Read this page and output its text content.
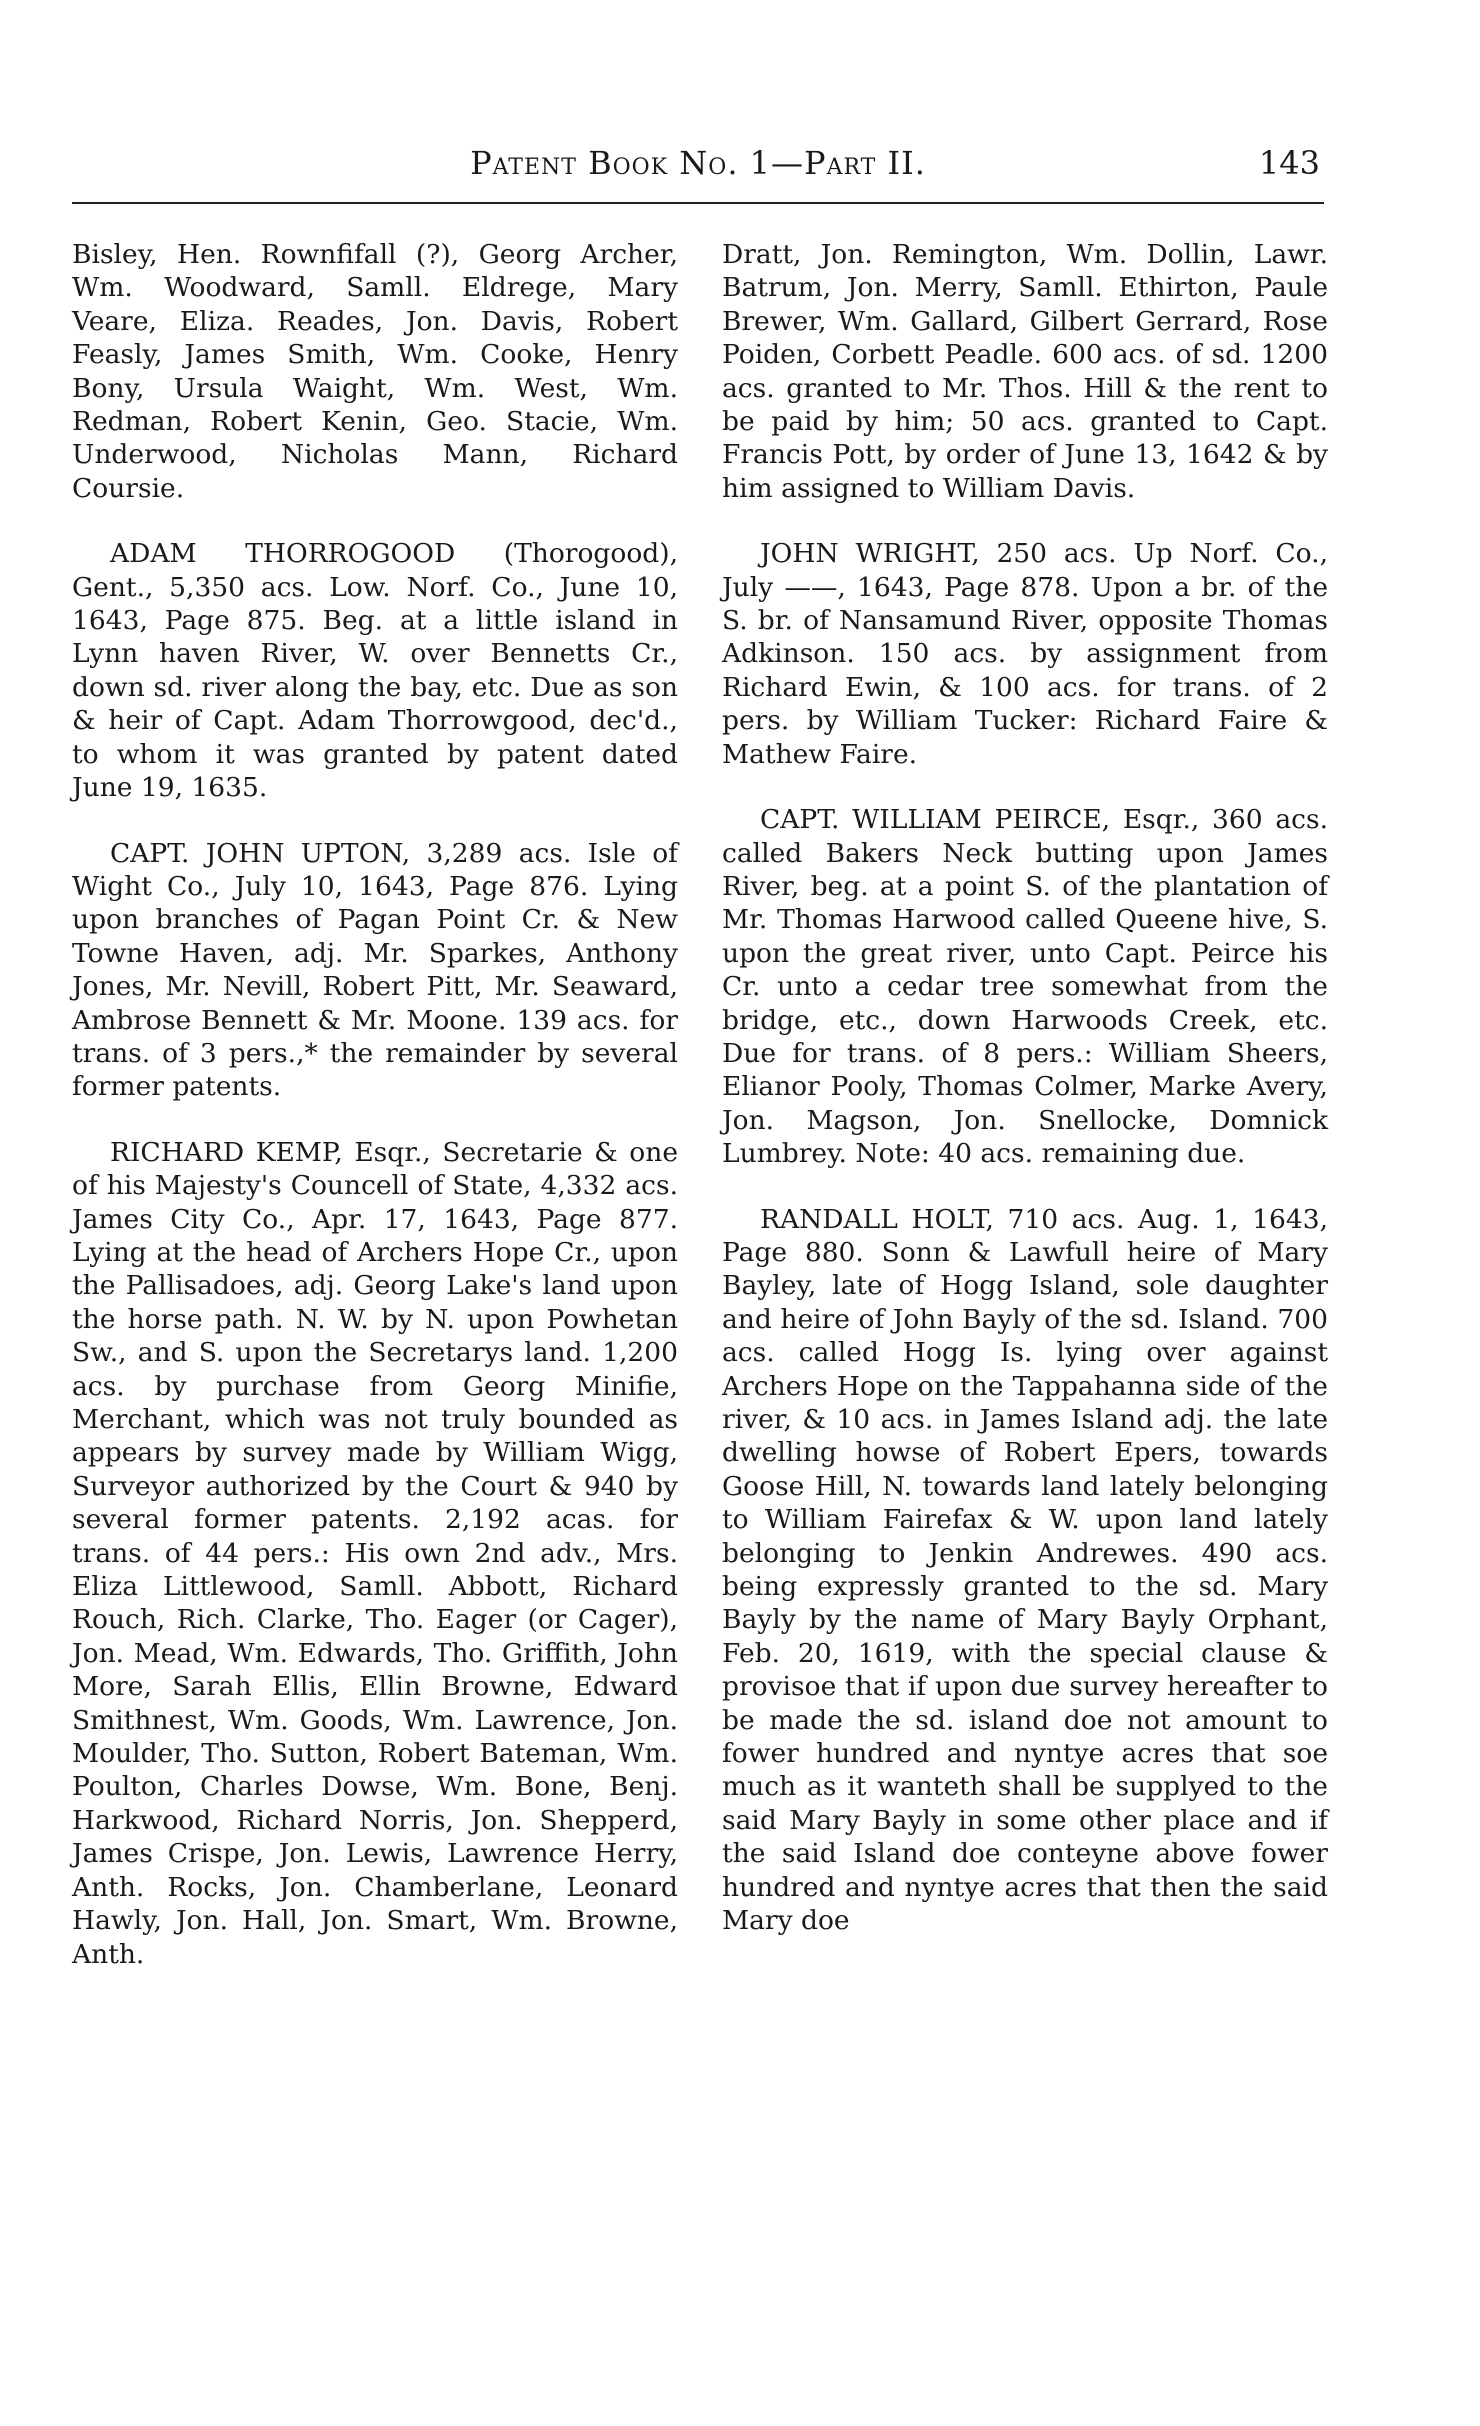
Patent Book No. 1—Part II.	143

Bisley, Hen. Rownfifall (?), Georg Archer, Wm. Woodward, Samll. Eldrege, Mary Veare, Eliza. Reades, Jon. Davis, Robert Feasly, James Smith, Wm. Cooke, Henry Bony, Ursula Waight, Wm. West, Wm. Redman, Robert Kenin, Geo. Stacie, Wm. Underwood, Nicholas Mann, Richard Coursie.

ADAM THORROGOOD (Thorogood), Gent., 5,350 acs. Low. Norf. Co., June 10, 1643, Page 875. Beg. at a little island in Lynn haven River, W. over Bennetts Cr., down sd. river along the bay, etc. Due as son & heir of Capt. Adam Thorrowgood, dec'd., to whom it was granted by patent dated June 19, 1635.

CAPT. JOHN UPTON, 3,289 acs. Isle of Wight Co., July 10, 1643, Page 876. Lying upon branches of Pagan Point Cr. & New Towne Haven, adj. Mr. Sparkes, Anthony Jones, Mr. Nevill, Robert Pitt, Mr. Seaward, Ambrose Bennett & Mr. Moone. 139 acs. for trans. of 3 pers.,* the remainder by several former patents.

RICHARD KEMP, Esqr., Secretarie & one of his Majesty's Councell of State, 4,332 acs. James City Co., Apr. 17, 1643, Page 877. Lying at the head of Archers Hope Cr., upon the Pallisadoes, adj. Georg Lake's land upon the horse path. N. W. by N. upon Powhetan Sw., and S. upon the Secretarys land. 1,200 acs. by purchase from Georg Minifie, Merchant, which was not truly bounded as appears by survey made by William Wigg, Surveyor authorized by the Court & 940 by several former patents. 2,192 acas. for trans. of 44 pers.: His own 2nd adv., Mrs. Eliza Littlewood, Samll. Abbott, Richard Rouch, Rich. Clarke, Tho. Eager (or Cager), Jon. Mead, Wm. Edwards, Tho. Griffith, John More, Sarah Ellis, Ellin Browne, Edward Smithnest, Wm. Goods, Wm. Lawrence, Jon. Moulder, Tho. Sutton, Robert Bateman, Wm. Poulton, Charles Dowse, Wm. Bone, Benj. Harkwood, Richard Norris, Jon. Shepperd, James Crispe, Jon. Lewis, Lawrence Herry, Anth. Rocks, Jon. Chamberlane, Leonard Hawly, Jon. Hall, Jon. Smart, Wm. Browne, Anth.

Dratt, Jon. Remington, Wm. Dollin, Lawr. Batrum, Jon. Merry, Samll. Ethirton, Paule Brewer, Wm. Gallard, Gilbert Gerrard, Rose Poiden, Corbett Peadle. 600 acs. of sd. 1200 acs. granted to Mr. Thos. Hill & the rent to be paid by him; 50 acs. granted to Capt. Francis Pott, by order of June 13, 1642 & by him assigned to William Davis.

JOHN WRIGHT, 250 acs. Up Norf. Co., July ——, 1643, Page 878. Upon a br. of the S. br. of Nansamund River, opposite Thomas Adkinson. 150 acs. by assignment from Richard Ewin, & 100 acs. for trans. of 2 pers. by William Tucker: Richard Faire & Mathew Faire.

CAPT. WILLIAM PEIRCE, Esqr., 360 acs. called Bakers Neck butting upon James River, beg. at a point S. of the plantation of Mr. Thomas Harwood called Queene hive, S. upon the great river, unto Capt. Peirce his Cr. unto a cedar tree somewhat from the bridge, etc., down Harwoods Creek, etc. Due for trans. of 8 pers.: William Sheers, Elianor Pooly, Thomas Colmer, Marke Avery, Jon. Magson, Jon. Snellocke, Domnick Lumbrey. Note: 40 acs. remaining due.

RANDALL HOLT, 710 acs. Aug. 1, 1643, Page 880. Sonn & Lawfull heire of Mary Bayley, late of Hogg Island, sole daughter and heire of John Bayly of the sd. Island. 700 acs. called Hogg Is. lying over against Archers Hope on the Tappahanna side of the river, & 10 acs. in James Island adj. the late dwelling howse of Robert Epers, towards Goose Hill, N. towards land lately belonging to William Fairefax & W. upon land lately belonging to Jenkin Andrewes. 490 acs. being expressly granted to the sd. Mary Bayly by the name of Mary Bayly Orphant, Feb. 20, 1619, with the special clause & provisoe that if upon due survey hereafter to be made the sd. island doe not amount to fower hundred and nyntye acres that soe much as it wanteth shall be supplyed to the said Mary Bayly in some other place and if the said Island doe conteyne above fower hundred and nyntye acres that then the said Mary doe
